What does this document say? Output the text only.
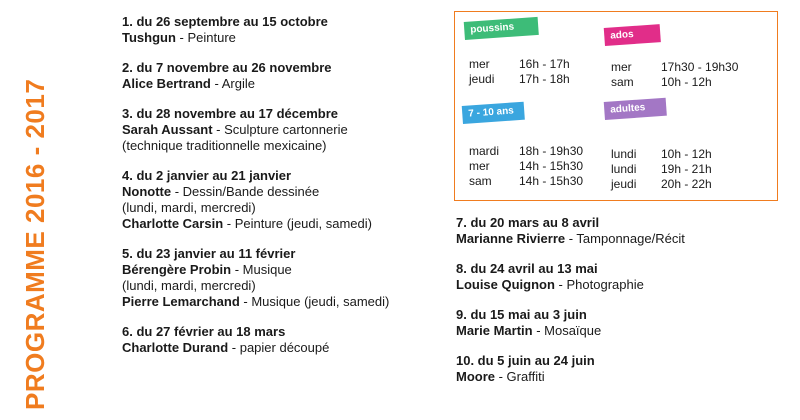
PROGRAMME 2016 - 2017
1. du 26 septembre au 15 octobre
Tushgun - Peinture
2. du 7 novembre au 26 novembre
Alice Bertrand - Argile
3. du 28 novembre au 17 décembre
Sarah Aussant - Sculpture cartonnerie
(technique traditionnelle mexicaine)
4. du 2 janvier au 21 janvier
Nonotte - Dessin/Bande dessinée
(lundi, mardi, mercredi)
Charlotte Carsin - Peinture (jeudi, samedi)
5. du 23 janvier au 11 février
Bérengère Probin - Musique
(lundi, mardi, mercredi)
Pierre Lemarchand - Musique (jeudi, samedi)
6. du 27 février au 18 mars
Charlotte Durand - papier découpé
7. du 20 mars au 8 avril
Marianne Rivierre - Tamponnage/Récit
8. du 24 avril au 13 mai
Louise Quignon - Photographie
9. du 15 mai au 3 juin
Marie Martin - Mosaïque
10. du 5 juin au 24 juin
Moore - Graffiti
poussins
mer 16h - 17h
jeudi 17h - 18h
ados
mer 17h30 - 19h30
sam 10h - 12h
7 - 10 ans
mardi 18h - 19h30
mer 14h - 15h30
sam 14h - 15h30
adultes
lundi 10h - 12h
lundi 19h - 21h
jeudi 20h - 22h
